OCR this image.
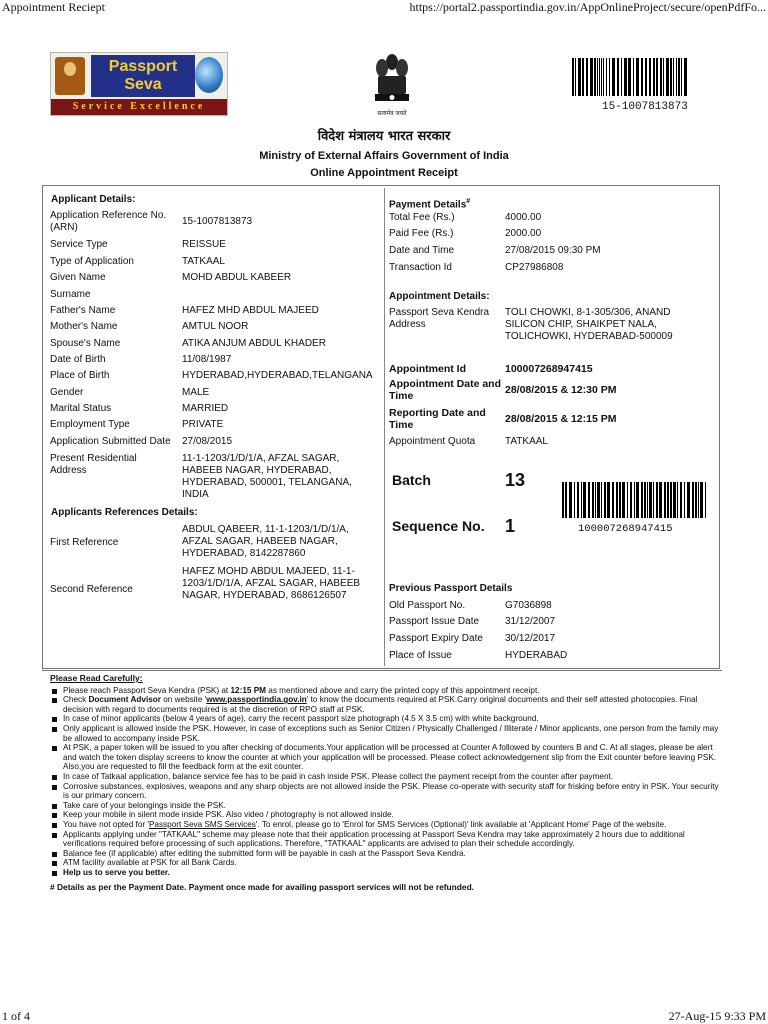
Appointment Reciept	https://portal2.passportindia.gov.in/AppOnlineProject/secure/openPdfFo...
1 of 4	27-Aug-15 9:33 PM
Passport
Seva
Service Excellence
सत्यमेव जयते
15-1007813873
विदेश मंत्रालय भारत सरकार
Ministry of External Affairs Government of India
Online Appointment Receipt
Applicant Details:
Application Reference No.(ARN)
15-1007813873
Service Type	REISSUE
Type of Application	TATKAAL
Given Name	MOHD ABDUL KABEER
Surname
Father's Name	HAFEZ MHD ABDUL MAJEED
Mother's Name	AMTUL NOOR
Spouse's Name	ATIKA ANJUM ABDUL KHADER
Date of Birth	11/08/1987
Place of Birth	HYDERABAD,HYDERABAD,TELANGANA
Gender	MALE
Marital Status	MARRIED
Employment Type	PRIVATE
Application Submitted Date 27/08/2015
Present Residential Address
11-1-1203/1/D/1/A, AFZAL SAGAR, HABEEB NAGAR, HYDERABAD, HYDERABAD, 500001, TELANGANA, INDIA
Applicants References Details:
First Reference
ABDUL QABEER, 11-1-1203/1/D/1/A, AFZAL SAGAR, HABEEB NAGAR, HYDERABAD, 8142287860
Second Reference
HAFEZ MOHD ABDUL MAJEED, 11-1-1203/1/D/1/A, AFZAL SAGAR, HABEEB NAGAR, HYDERABAD, 8686126507
Payment Details#
Total Fee (Rs.)	4000.00
Paid Fee (Rs.)	2000.00
Date and Time	27/08/2015 09:30 PM
Transaction Id	CP27986808
Appointment Details:
Passport Seva Kendra Address
TOLI CHOWKI, 8-1-305/306, ANAND SILICON CHIP, SHAIKPET NALA, TOLICHOWKI, HYDERABAD-500009
Appointment Id	100007268947415
Appointment Date and Time	28/08/2015 & 12:30 PM
Reporting Date and Time	28/08/2015 & 12:15 PM
Appointment Quota	TATKAAL
Batch	13
Sequence No. 1	100007268947415
Previous Passport Details
Old Passport No.	G7036898
Passport Issue Date	31/12/2007
Passport Expiry Date 30/12/2017
Place of Issue	HYDERABAD
Please Read Carefully:
Please reach Passport Seva Kendra (PSK) at 12:15 PM as mentioned above and carry the printed copy of this appointment receipt.
Check Document Advisor on website 'www.passportindia.gov.in' to know the documents required at PSK.Carry original documents and their self attested photocopies. Final decision with regard to documents required is at the discretion of RPO staff at PSK.
In case of minor applicants (below 4 years of age), carry the recent passport size photograph (4.5 X 3.5 cm) with white background.
Only applicant is allowed inside the PSK. However, in case of exceptions such as Senior Citizen / Physically Challenged / Illiterate / Minor applicants, one person from the family may be allowed to accompany inside PSK.
At PSK, a paper token will be issued to you after checking of documents.Your application will be processed at Counter A followed by counters B and C. At all stages, please be alert and watch the token display screens to know the counter at which your application will be processed. Please collect acknowledgement slip from the Exit counter before leaving PSK. Also,you are requested to fill the feedback form at the exit counter.
In case of Tatkaal application, balance service fee has to be paid in cash inside PSK. Please collect the payment receipt from the counter after payment.
Corrosive substances, explosives, weapons and any sharp objects are not allowed inside the PSK. Please co-operate with security staff for frisking before entry in PSK. Your security is our primary concern.
Take care of your belongings inside the PSK.
Keep your mobile in silent mode inside PSK. Also video / photography is not allowed inside.
You have not opted for 'Passport Seva SMS Services'. To enrol, please go to 'Enrol for SMS Services (Optional)' link available at 'Applicant Home' Page of the website.
Applicants applying under "TATKAAL" scheme may please note that their application processing at Passport Seva Kendra may take approximately 2 hours due to additional verifications required before processing of such applications. Therefore, "TATKAAL" applicants are advised to plan their schedule accordingly.
Balance fee (if applicable) after editing the submitted form will be payable in cash at the Passport Seva Kendra.
ATM facility available at PSK for all Bank Cards.
Help us to serve you better.
# Details as per the Payment Date. Payment once made for availing passport services will not be refunded.
